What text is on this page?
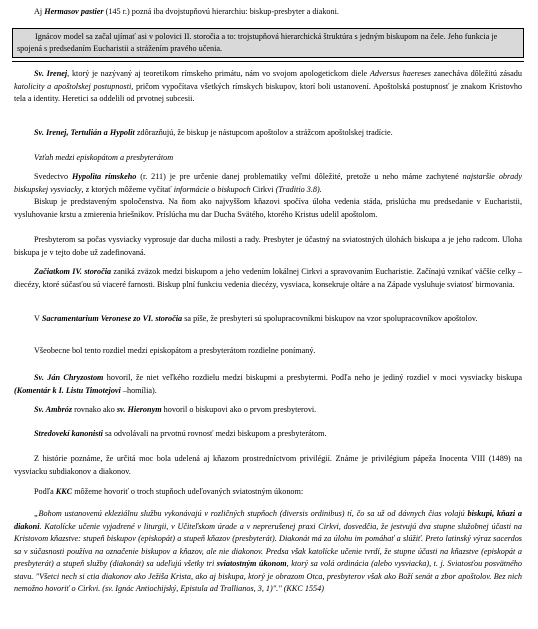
Aj Hermasov pastier (145 r.) pozná iba dvojstupňovú hierarchiu: biskup-presbyter a diakoni.

Ignácov model sa začal ujímať asi v polovici II. storočia a to: trojstupňová hierarchická štruktúra s jedným biskupom na čele. Jeho funkcia je spojená s predsedaním Eucharistii a strážením pravého učenia.

Sv. Irenej, ktorý je nazývaný aj teoretikom rímskeho primátu, nám vo svojom apologetickom diele Adversus haereses zanecháva dôležitú zásadu katolicity a apoštolskej postupnosti, pričom vypočítava všetkých rímskych biskupov, ktorí boli ustanovení. Apoštolská postupnosť je znakom Kristovho tela a identity. Heretici sa oddelili od prvotnej subcesii.

Sv. Irenej, Tertulián a Hypolit zdôrazňujú, že biskup je nástupcom apoštolov a strážcom apoštolskej tradície.

Vzťah medzi episkopátom a presbyterátom

Svedectvo Hypolita rímskeho (r. 211) je pre určenie danej problematiky veľmi dôležité, pretože u neho máme zachytené najstaršie obrady biskupskej vysviacky, z ktorých môžeme vyčítať informácie o biskupoch Cirkvi (Traditio 3.8).

Biskup je predstaveným spoločenstva. Na ňom ako najvyššom kňazovi spočíva úloha vedenia stáda, prislúcha mu predsedanie v Eucharistii, vysluhovanie krstu a zmierenia hriešnikov. Príslúcha mu dar Ducha Svätého, ktorého Kristus udelil apoštolom.

Presbyterom sa počas vysviacky vyprosuje dar ducha milosti a rady. Presbyter je účastný na sviatostných úlohách biskupa a je jeho radcom. Uloha biskupa je v tejto dobe už zadefinovaná.

Začiatkom IV. storočia zaniká zväzok medzi biskupom a jeho vedením lokálnej Cirkvi a spravovaním Eucharistie. Začínajú vznikať väčšie celky – diecézy, ktoré súčasťou sú viaceré farnosti. Biskup plní funkciu vedenia diecézy, vysviaca, konsekruje oltáre a na Západe vysluhuje sviatosť birmovania.

V Sacramentarium Veronese zo VI. storočia sa píše, že presbyteri sú spolupracovníkmi biskupov na vzor spolupracovníkov apoštolov.

Všeobecne bol tento rozdiel medzi episkopátom a presbyterátom rozdielne ponímaný.

Sv. Ján Chryzostom hovoril, že niet veľkého rozdielu medzi biskupmi a presbytermi. Podľa neho je jediný rozdiel v moci vysviacky biskupa (Komentár k I. Listu Timotejovi –homília).

Sv. Ambróz rovnako ako sv. Hieronym hovoril o biskupovi ako o prvom presbyterovi.

Stredovekí kanonisti sa odvolávali na prvotnú rovnosť medzi biskupom a presbyterátom.

Z histórie poznáme, že určitá moc bola udelená aj kňazom prostredníctvom privilégií. Známe je privilégium pápeža Inocenta VIII (1489) na vysviacku subdiakonov a diakonov.

Podľa KKC môžeme hovoriť o troch stupňoch udeľovaných sviatostným úkonom:

„Bohom ustanovenú ekleziálnu službu vykonávajú v rozličných stupňoch (diversis ordinibus) tí, čo sa už od dávnych čias volajú biskupi, kňazi a diakoni. Katolícke učenie vyjadrené v liturgii, v Učiteľskom úrade a v neprerušenej praxi Cirkvi, dosvedčia, že jestvujú dva stupne služobnej účasti na Kristovom kňazstve: stupeň biskupov (episkopát) a stupeň kňazov (presbyterát). Diakonát má za úlohu im pomáhať a slúžiť. Preto latinský výraz sacerdos sa v súčasnosti používa na označenie biskupov a kňazov, ale nie diakonov. Predsa však katolícke učenie tvrdí, že stupne účasti na kňazstve (episkopát a presbyterát) a stupeň služby (diakonát) sa udeľujú všetky tri sviatostným úkonom, ktorý sa volá ordinácia (alebo vysviacka), t. j. Sviatosťou posvätného stavu. "Všetci nech si ctia diakonov ako Ježiša Krista, ako aj biskupa, ktorý je obrazom Otca, presbyterov však ako Boží senát a zbor apoštolov. Bez nich nemožno hovoriť o Cirkvi. (sv. Ignác Antiochijský, Epistula ad Trallianos, 3, 1)"." (KKC 1554)
